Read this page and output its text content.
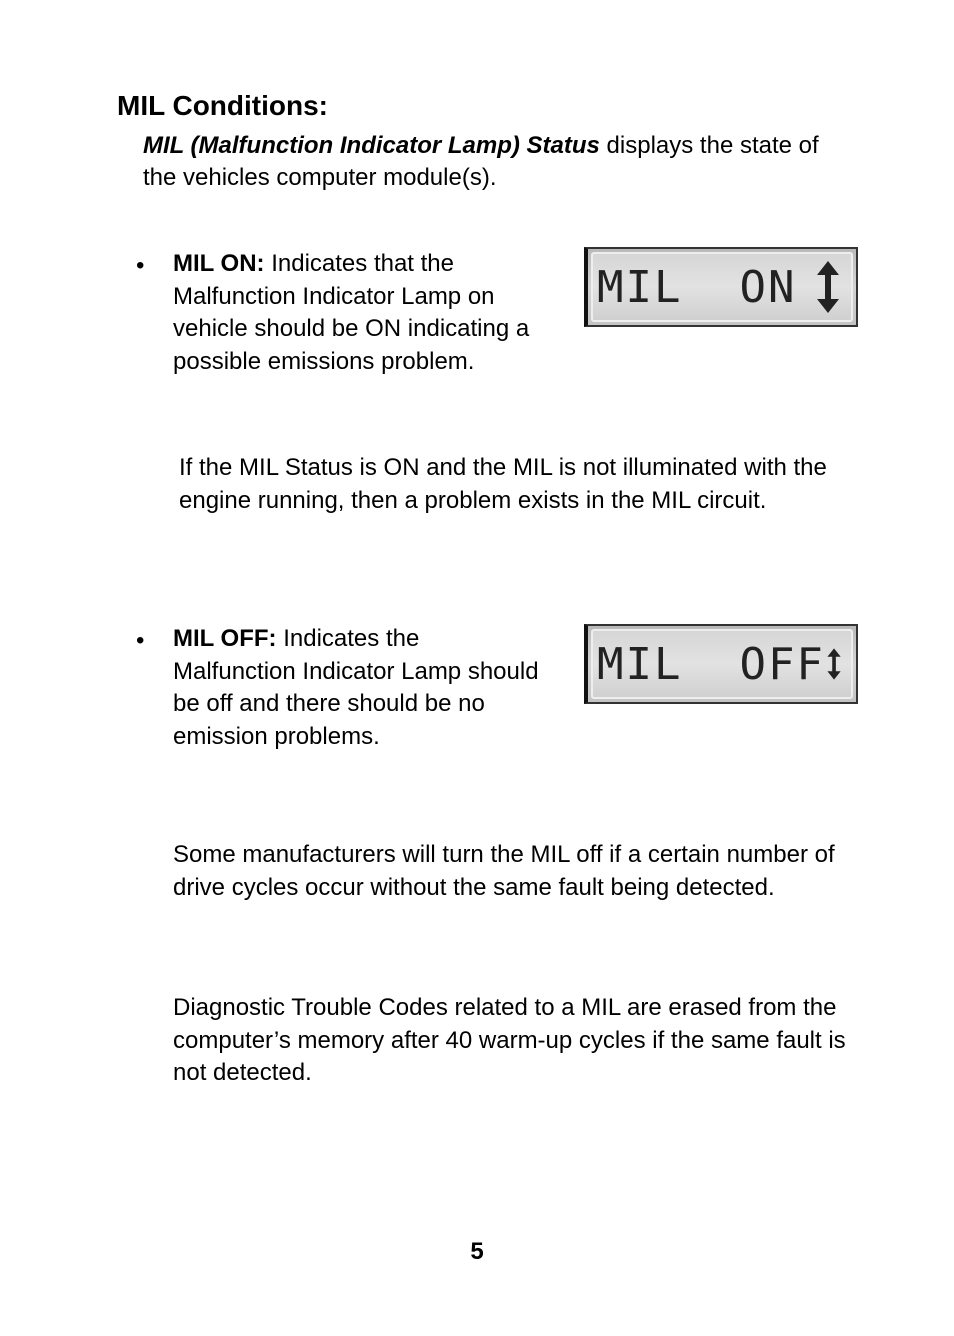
MIL Conditions:
MIL (Malfunction Indicator Lamp) Status displays the state of the vehicles computer module(s).
• MIL ON: Indicates that the Malfunction Indicator Lamp on vehicle should be ON indicating a possible emissions problem.
MIL  ON
If the MIL Status is ON and the MIL is not illuminated with the engine running, then a problem exists in the MIL circuit.
• MIL OFF: Indicates the Malfunction Indicator Lamp should be off and there should be no emission problems.
MIL  OFF
Some manufacturers will turn the MIL off if a certain number of drive cycles occur without the same fault being detected.
Diagnostic Trouble Codes related to a MIL are erased from the computer’s memory after 40 warm-up cycles if the same fault is not detected.
5
